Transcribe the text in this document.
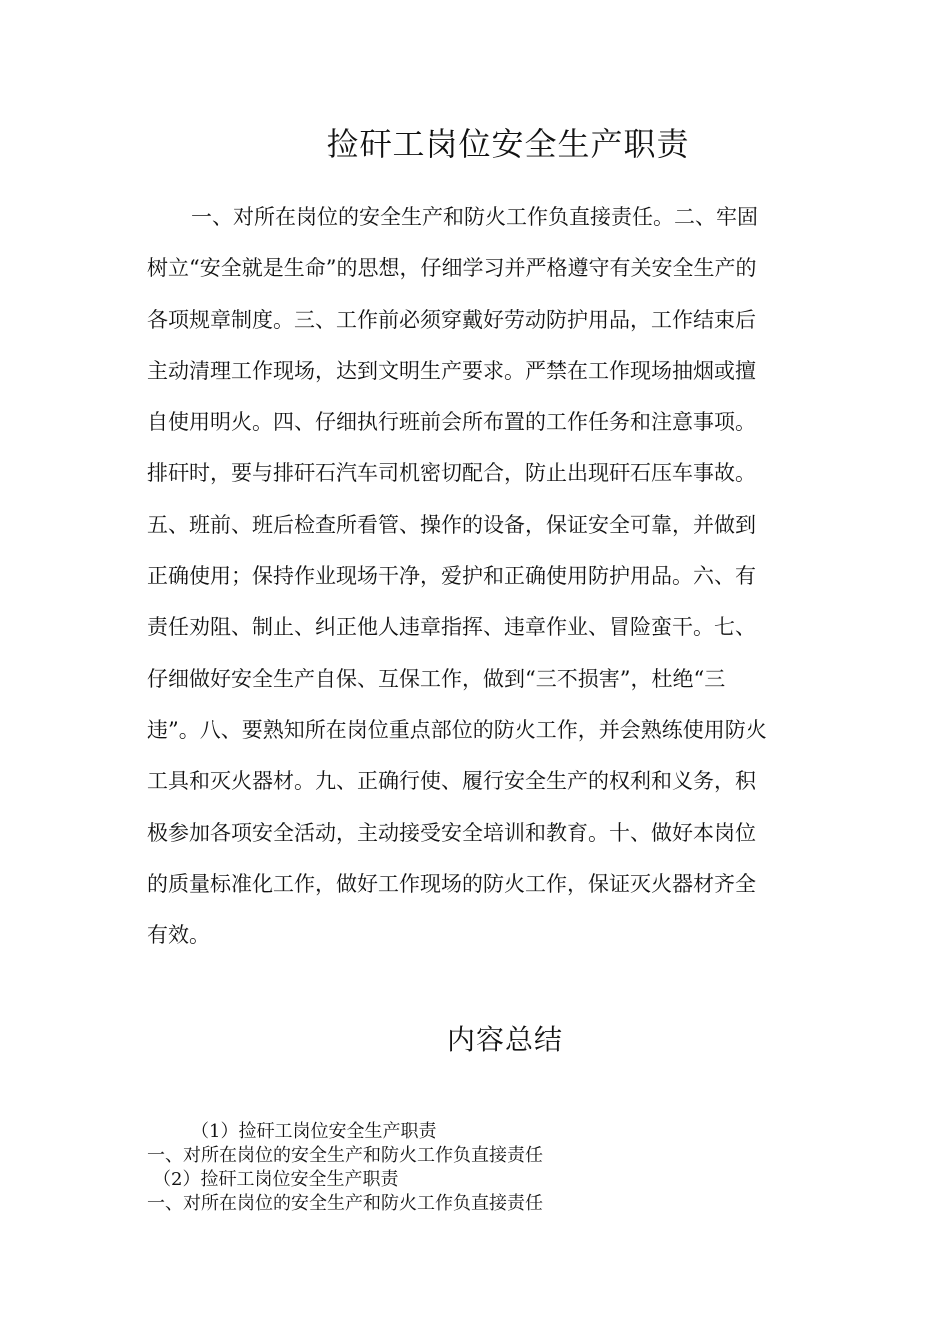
捡矸工岗位安全生产职责
一、对所在岗位的安全生产和防火工作负直接责任。二、牢固
树立“安全就是生命”的思想，仔细学习并严格遵守有关安全生产的
各项规章制度。三、工作前必须穿戴好劳动防护用品，工作结束后
主动清理工作现场，达到文明生产要求。严禁在工作现场抽烟或擅
自使用明火。四、仔细执行班前会所布置的工作任务和注意事项。
排矸时，要与排矸石汽车司机密切配合，防止出现矸石压车事故。
五、班前、班后检查所看管、操作的设备，保证安全可靠，并做到
正确使用；保持作业现场干净，爱护和正确使用防护用品。六、有
责任劝阻、制止、纠正他人违章指挥、违章作业、冒险蛮干。七、
仔细做好安全生产自保、互保工作，做到“三不损害”，杜绝“三
违”。八、要熟知所在岗位重点部位的防火工作，并会熟练使用防火
工具和灭火器材。九、正确行使、履行安全生产的权利和义务，积
极参加各项安全活动，主动接受安全培训和教育。十、做好本岗位
的质量标准化工作，做好工作现场的防火工作，保证灭火器材齐全
有效。
内容总结
（1）捡矸工岗位安全生产职责
一、对所在岗位的安全生产和防火工作负直接责任
（2）捡矸工岗位安全生产职责
一、对所在岗位的安全生产和防火工作负直接责任
